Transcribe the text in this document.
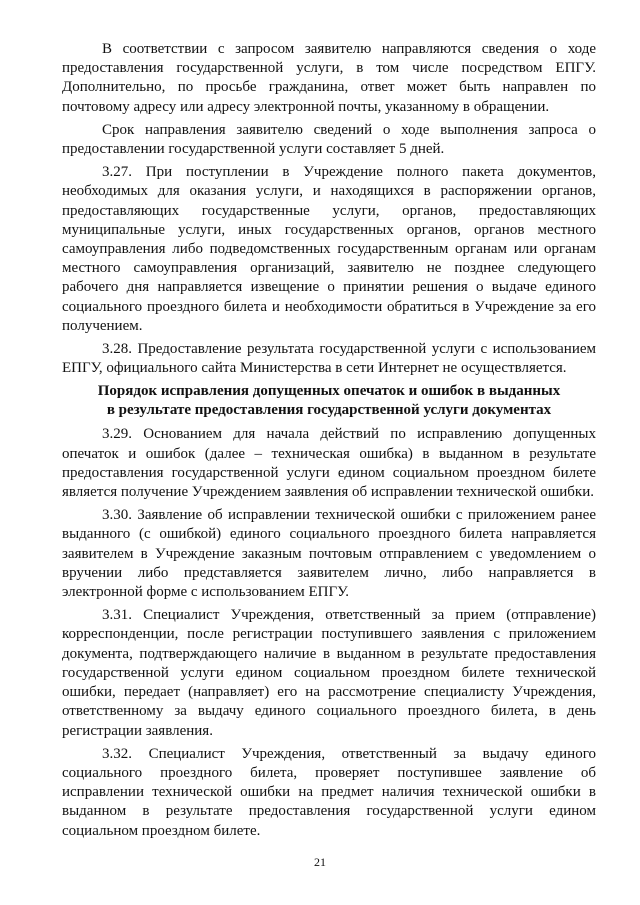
В соответствии с запросом заявителю направляются сведения о ходе предоставления государственной услуги, в том числе посредством ЕПГУ. Дополнительно, по просьбе гражданина, ответ может быть направлен по почтовому адресу или адресу электронной почты, указанному в обращении.

Срок направления заявителю сведений о ходе выполнения запроса о предоставлении государственной услуги составляет 5 дней.

3.27. При поступлении в Учреждение полного пакета документов, необходимых для оказания услуги, и находящихся в распоряжении органов, предоставляющих государственные услуги, органов, предоставляющих муниципальные услуги, иных государственных органов, органов местного самоуправления либо подведомственных государственным органам или органам местного самоуправления организаций, заявителю не позднее следующего рабочего дня направляется извещение о принятии решения о выдаче единого социального проездного билета и необходимости обратиться в Учреждение за его получением.

3.28. Предоставление результата государственной услуги с использованием ЕПГУ, официального сайта Министерства в сети Интернет не осуществляется.

Порядок исправления допущенных опечаток и ошибок в выданных
в результате предоставления государственной услуги документах

3.29. Основанием для начала действий по исправлению допущенных опечаток и ошибок (далее – техническая ошибка) в выданном в результате предоставления государственной услуги едином социальном проездном билете является получение Учреждением заявления об исправлении технической ошибки.

3.30. Заявление об исправлении технической ошибки с приложением ранее выданного (с ошибкой) единого социального проездного билета направляется заявителем в Учреждение заказным почтовым отправлением с уведомлением о вручении либо представляется заявителем лично, либо направляется в электронной форме с использованием ЕПГУ.

3.31. Специалист Учреждения, ответственный за прием (отправление) корреспонденции, после регистрации поступившего заявления с приложением документа, подтверждающего наличие в выданном в результате предоставления государственной услуги едином социальном проездном билете технической ошибки, передает (направляет) его на рассмотрение специалисту Учреждения, ответственному за выдачу единого социального проездного билета, в день регистрации заявления.

3.32. Специалист Учреждения, ответственный за выдачу единого социального проездного билета, проверяет поступившее заявление об исправлении технической ошибки на предмет наличия технической ошибки в выданном в результате предоставления государственной услуги едином социальном проездном билете.

21
